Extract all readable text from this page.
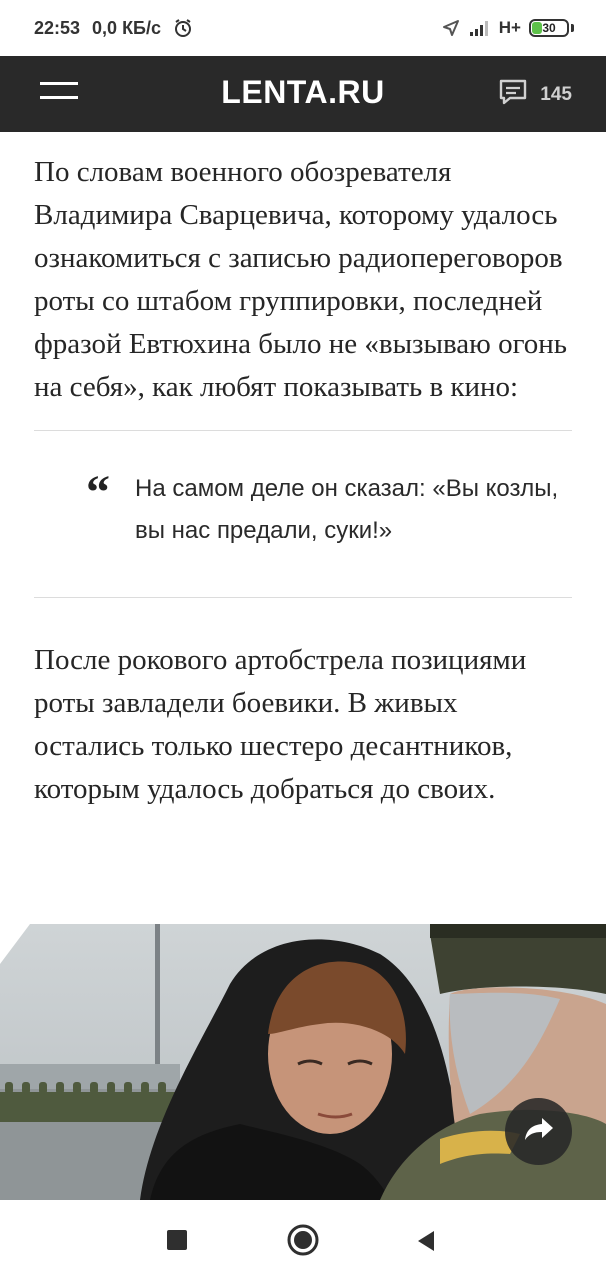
22:53 0,0 КБ/с	H+ 30
LENTA.RU	145

По словам военного обозревателя Владимира Сварцевича, которому удалось ознакомиться с записью радиопереговоров роты со штабом группировки, последней фразой Евтюхина было не «вызываю огонь на себя», как любят показывать в кино:

“ На самом деле он сказал: «Вы козлы, вы нас предали, суки!»

После рокового артобстрела позициями роты завладели боевики. В живых остались только шестеро десантников, которым удалось добраться до своих.
